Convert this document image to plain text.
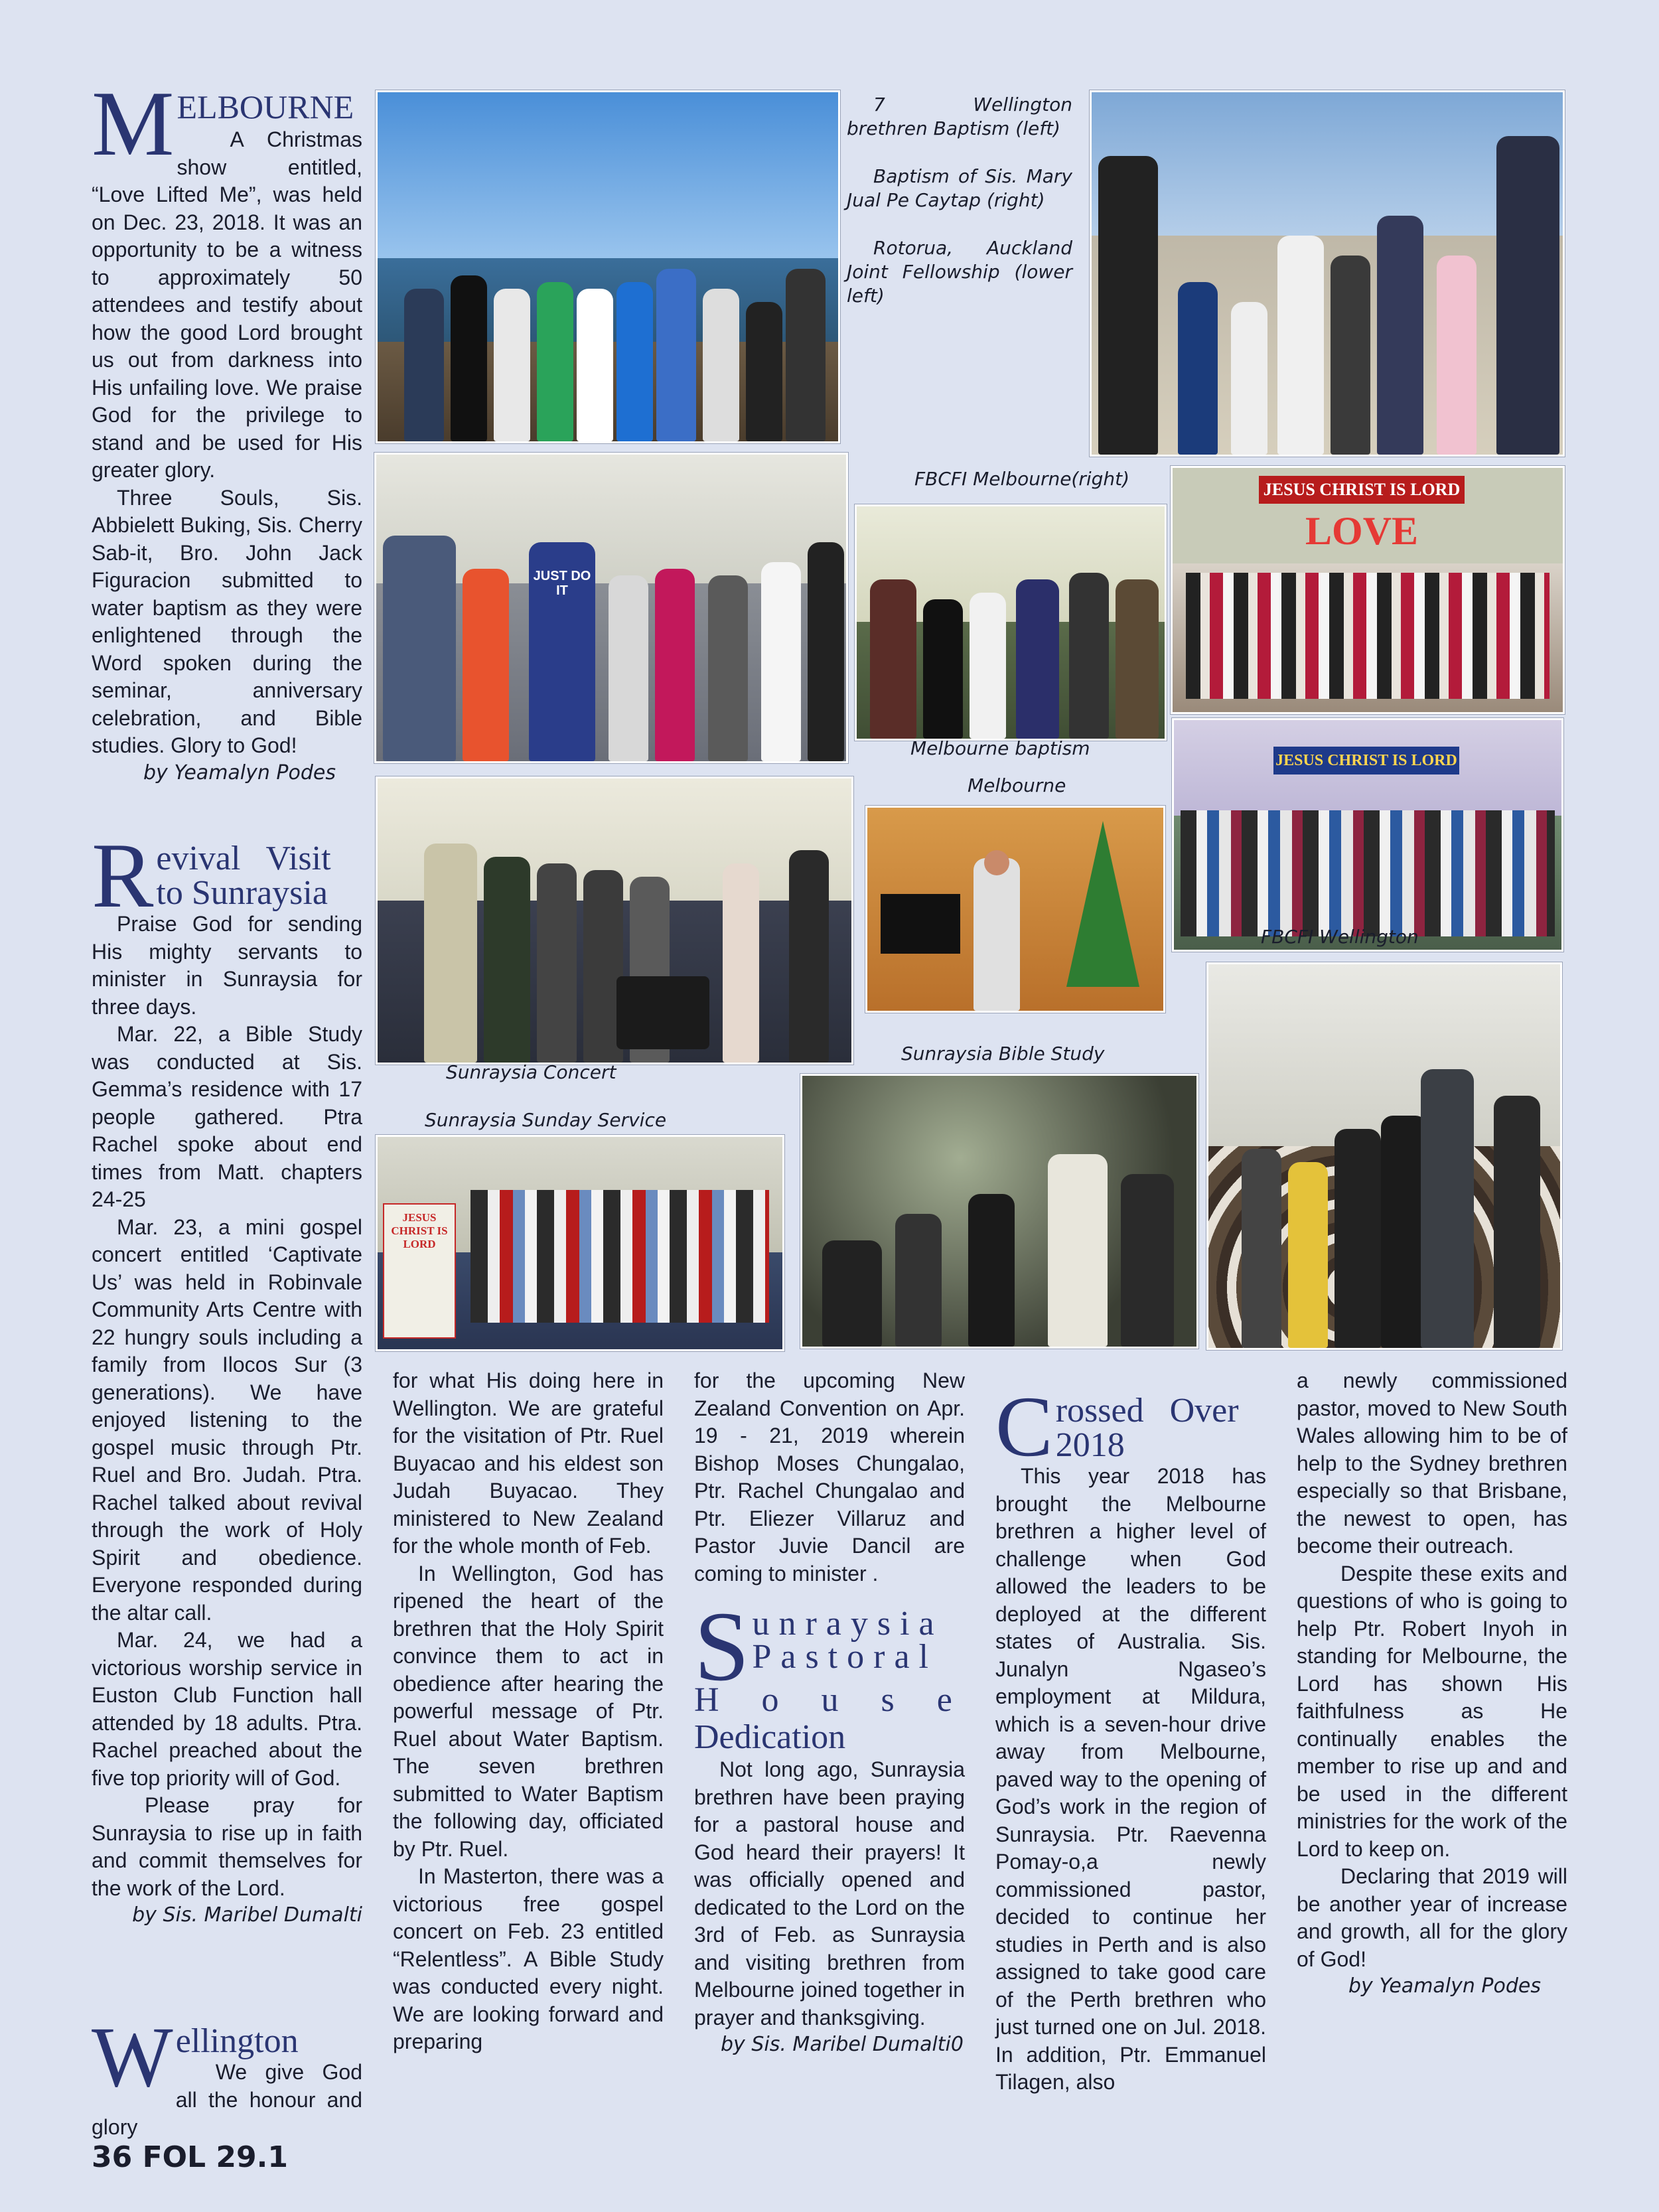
M ELBOURNE

A Christmas show entitled, “Love Lifted Me”, was held on Dec. 23, 2018. It was an opportunity to be a witness to approximately 50 attendees and testify about how the good Lord brought us out from darkness into His unfailing love. We praise God for the privilege to stand and be used for His greater glory.

Three Souls, Sis. Abbielett Buking, Sis. Cherry Sab-it, Bro. John Jack Figuracion submitted to water baptism as they were enlightened through the Word spoken during the seminar, anniversary celebration, and Bible studies. Glory to God!

by Yeamalyn Podes

R evival   Visit
to Sunraysia

Praise God for sending His mighty servants to minister in Sunraysia for three days.

Mar. 22, a Bible Study was conducted at Sis. Gemma’s residence with 17 people gathered. Ptra Rachel spoke about end times from Matt. chapters 24-25

Mar. 23, a mini gospel concert entitled ‘Captivate Us’ was held in Robinvale Community Arts Centre with 22 hungry souls including a family from Ilocos Sur (3 generations). We have enjoyed listening to the gospel music through Ptr. Ruel and Bro. Judah. Ptra. Rachel talked about revival through the work of Holy Spirit and obedience. Everyone responded during the altar call.

Mar. 24, we had a victorious worship service in Euston Club Function hall attended by 18 adults. Ptra. Rachel preached about the five top priority will of God.

Please pray for Sunraysia to rise up in faith and commit themselves for the work of the Lord.

by Sis. Maribel Dumalti

W ellington

We give God all the honour and glory

for what His doing here in Wellington. We are grateful for the visitation of Ptr. Ruel Buyacao and his eldest son Judah Buyacao. They ministered to New Zealand for the whole month of Feb.

In Wellington, God has ripened the heart of the brethren that the Holy Spirit convince them to act in obedience after hearing the powerful message of Ptr. Ruel about Water Baptism. The seven brethren submitted to Water Baptism the following day, officiated by Ptr. Ruel.

In Masterton, there was a victorious free gospel concert on Feb. 23 entitled “Relentless”. A Bible Study was conducted every night. We are looking forward and preparing

for the upcoming New Zealand Convention on Apr. 19 - 21, 2019 wherein Bishop Moses Chungalao, Ptr. Rachel Chungalao and Ptr. Eliezer Villaruz and Pastor Juvie Dancil are coming to minister .

S unraysia
Pastoral
House
Dedication

Not long ago, Sunraysia brethren have been praying for a pastoral house and God heard their prayers! It was officially opened and dedicated to the Lord on the 3rd of Feb. as Sunraysia and visiting brethren from Melbourne joined together in prayer and thanksgiving.

by Sis. Maribel Dumalti0

C rossed   Over
2018

This year 2018 has brought the Melbourne brethren a higher level of challenge when God allowed the leaders to be deployed at the different states of Australia. Sis. Junalyn Ngaseo’s employment at Mildura, which is a seven-hour drive away from Melbourne, paved way to the opening of God’s work in the region of Sunraysia. Ptr. Raevenna Pomay-o,a newly commissioned pastor, decided to continue her studies in Perth and is also assigned to take good care of the Perth brethren who just turned one on Jul. 2018. In addition, Ptr. Emmanuel Tilagen, also

a newly commissioned pastor, moved to New South Wales allowing him to be of help to the Sydney brethren especially so that Brisbane, the newest to open, has become their outreach.

Despite these exits and questions of who is going to help Ptr. Robert Inyoh in standing for Melbourne, the Lord has shown His faithfulness as He continually enables the member to rise up and and be used in the different ministries for the work of the Lord to keep on.

Declaring that 2019 will be another year of increase and growth, all for the glory of God!

by Yeamalyn Podes

7 Wellington brethren Baptism (left)
Baptism of Sis. Mary Jual Pe Caytap (right)
Rotorua, Auckland Joint Fellowship (lower left)
JUST DO IT
FBCFI Melbourne(right)	JESUS CHRIST IS LORD
LOVE
Melbourne baptism
Melbourne
JESUS CHRIST IS LORD
FBCFI Wellington
Sunraysia Bible Study
Sunraysia Concert
Sunraysia Sunday Service
JESUS CHRIST IS LORD
36 FOL 29.1
